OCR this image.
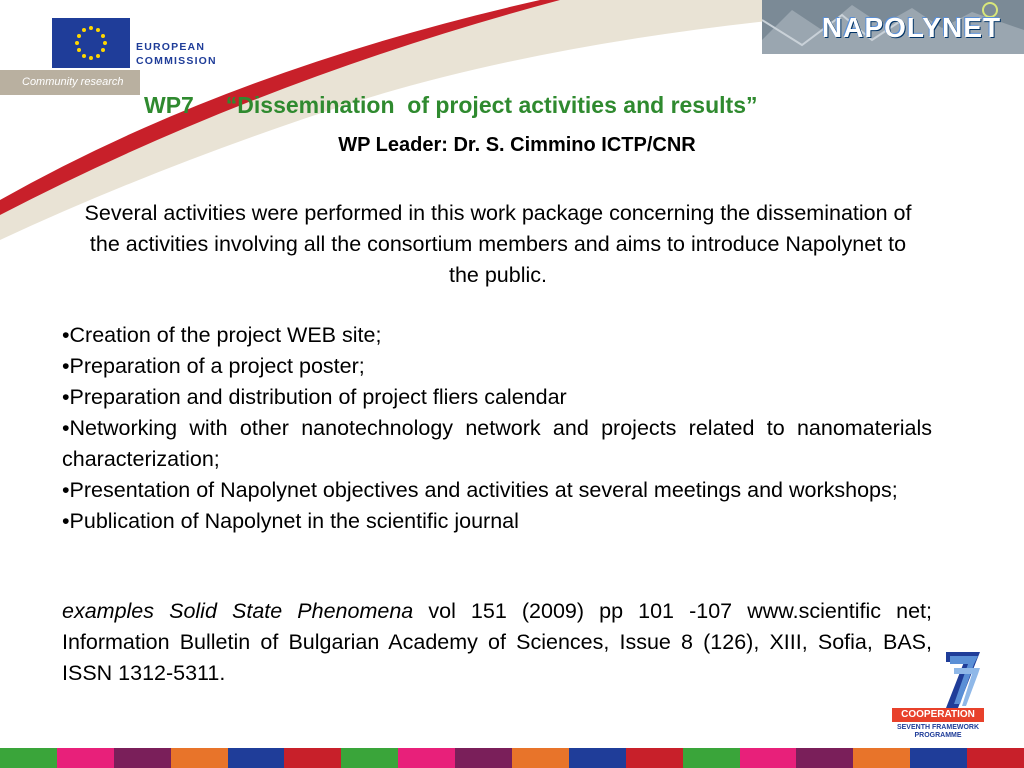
EUROPEAN
COMMISSION
Community research
NAPOLYNET
WP7     “Dissemination  of project activities and results”
WP Leader: Dr. S. Cimmino ICTP/CNR
Several activities were performed in this work package concerning the dissemination of the activities involving all the consortium members and aims to introduce Napolynet to the public.

•Creation of the project WEB site;

•Preparation of a project poster;

•Preparation and distribution of project fliers calendar

•Networking with other nanotechnology network and projects related to nanomaterials characterization;

•Presentation of Napolynet objectives and activities at several meetings and workshops;

•Publication of Napolynet in the scientific journal

examples Solid State Phenomena vol 151 (2009) pp 101 -107 www.scientific net; Information Bulletin of Bulgarian Academy of Sciences, Issue 8 (126), XIII, Sofia, BAS, ISSN 1312-5311.
COOPERATION
SEVENTH FRAMEWORK PROGRAMME
